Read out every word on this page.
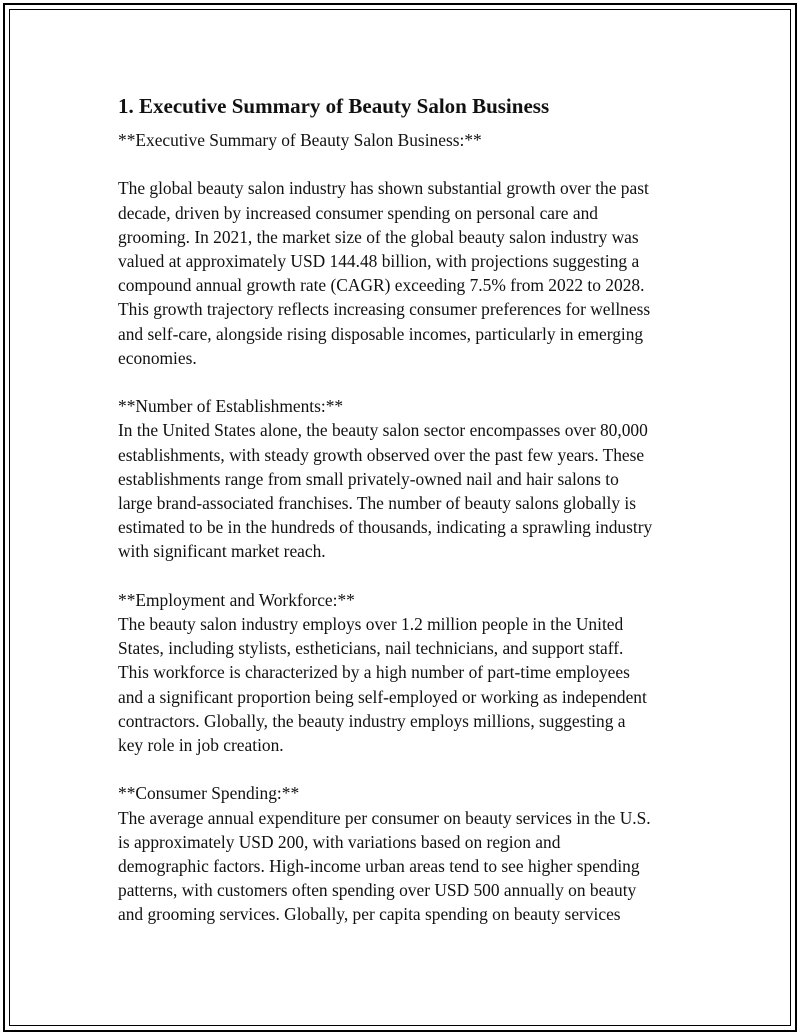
1. Executive Summary of Beauty Salon Business

**Executive Summary of Beauty Salon Business:**

The global beauty salon industry has shown substantial growth over the past
decade, driven by increased consumer spending on personal care and
grooming. In 2021, the market size of the global beauty salon industry was
valued at approximately USD 144.48 billion, with projections suggesting a
compound annual growth rate (CAGR) exceeding 7.5% from 2022 to 2028.
This growth trajectory reflects increasing consumer preferences for wellness
and self-care, alongside rising disposable incomes, particularly in emerging
economies.

**Number of Establishments:**
In the United States alone, the beauty salon sector encompasses over 80,000
establishments, with steady growth observed over the past few years. These
establishments range from small privately-owned nail and hair salons to
large brand-associated franchises. The number of beauty salons globally is
estimated to be in the hundreds of thousands, indicating a sprawling industry
with significant market reach.

**Employment and Workforce:**
The beauty salon industry employs over 1.2 million people in the United
States, including stylists, estheticians, nail technicians, and support staff.
This workforce is characterized by a high number of part-time employees
and a significant proportion being self-employed or working as independent
contractors. Globally, the beauty industry employs millions, suggesting a
key role in job creation.

**Consumer Spending:**
The average annual expenditure per consumer on beauty services in the U.S.
is approximately USD 200, with variations based on region and
demographic factors. High-income urban areas tend to see higher spending
patterns, with customers often spending over USD 500 annually on beauty
and grooming services. Globally, per capita spending on beauty services
